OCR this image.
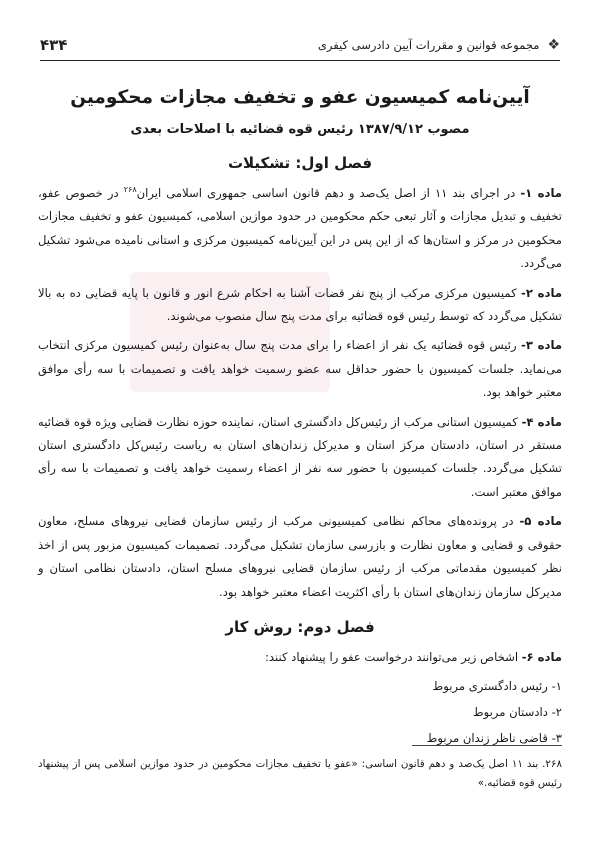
۴۳۴	❖
مجموعه قوانین و مقررات آیین دادرسی کیفری
آیین‌نامه کمیسیون عفو و تخفیف مجازات محکومین
مصوب ۱۳۸۷/۹/۱۲ رئیس قوه قضائیه با اصلاحات بعدی
فصل اول: تشکیلات

ماده ۱- در اجرای بند ۱۱ از اصل یک‌صد و دهم قانون اساسی جمهوری اسلامی ایران$^{۲۶۸}$ در خصوص عفو، تخفیف و تبدیل مجازات و آثار تبعی حکم محکومین در حدود موازین اسلامی، کمیسیون عفو و تخفیف مجازات محکومین در مرکز و استان‌ها که از این پس در این آیین‌نامه کمیسیون مرکزی و استانی نامیده می‌شود تشکیل می‌گردد.

ماده ۲- کمیسیون مرکزی مرکب از پنج نفر قضات آشنا به احکام شرع انور و قانون با پایه قضایی ده به بالا تشکیل می‌گردد که توسط رئیس قوه قضائیه برای مدت پنج سال منصوب می‌شوند.

ماده ۳- رئیس قوه قضائیه یک نفر از اعضاء را برای مدت پنج سال به‌عنوان رئیس کمیسیون مرکزی انتخاب می‌نماید. جلسات کمیسیون با حضور حداقل سه عضو رسمیت خواهد یافت و تصمیمات با سه رأی موافق معتبر خواهد بود.

ماده ۴- کمیسیون استانی مرکب از رئیس‌کل دادگستری استان، نماینده حوزه نظارت قضایی ویژه قوه قضائیه مستقر در استان، دادستان مرکز استان و مدیرکل زندان‌های استان به ریاست رئیس‌کل دادگستری استان تشکیل می‌گردد. جلسات کمیسیون با حضور سه نفر از اعضاء رسمیت خواهد یافت و تصمیمات با سه رأی موافق معتبر است.

ماده ۵- در پرونده‌های محاکم نظامی کمیسیونی مرکب از رئیس سازمان قضایی نیروهای مسلح، معاون حقوقی و قضایی و معاون نظارت و بازرسی سازمان تشکیل می‌گردد. تصمیمات کمیسیون مزبور پس از اخذ نظر کمیسیون مقدماتی مرکب از رئیس سازمان قضایی نیروهای مسلح استان، دادستان نظامی استان و مدیرکل سازمان زندان‌های استان با رأی اکثریت اعضاء معتبر خواهد بود.

فصل دوم: روش کار

ماده ۶- اشخاص زیر می‌توانند درخواست عفو را پیشنهاد کنند:

۱- رئیس دادگستری مربوط
۲- دادستان مربوط
۳- قاضی ناظر زندان مربوط
۲۶۸. بند ۱۱ اصل یک‌صد و دهم قانون اساسی: «عفو یا تخفیف مجازات محکومین در حدود موازین اسلامی پس از پیشنهاد رئیس قوه قضائیه.»
